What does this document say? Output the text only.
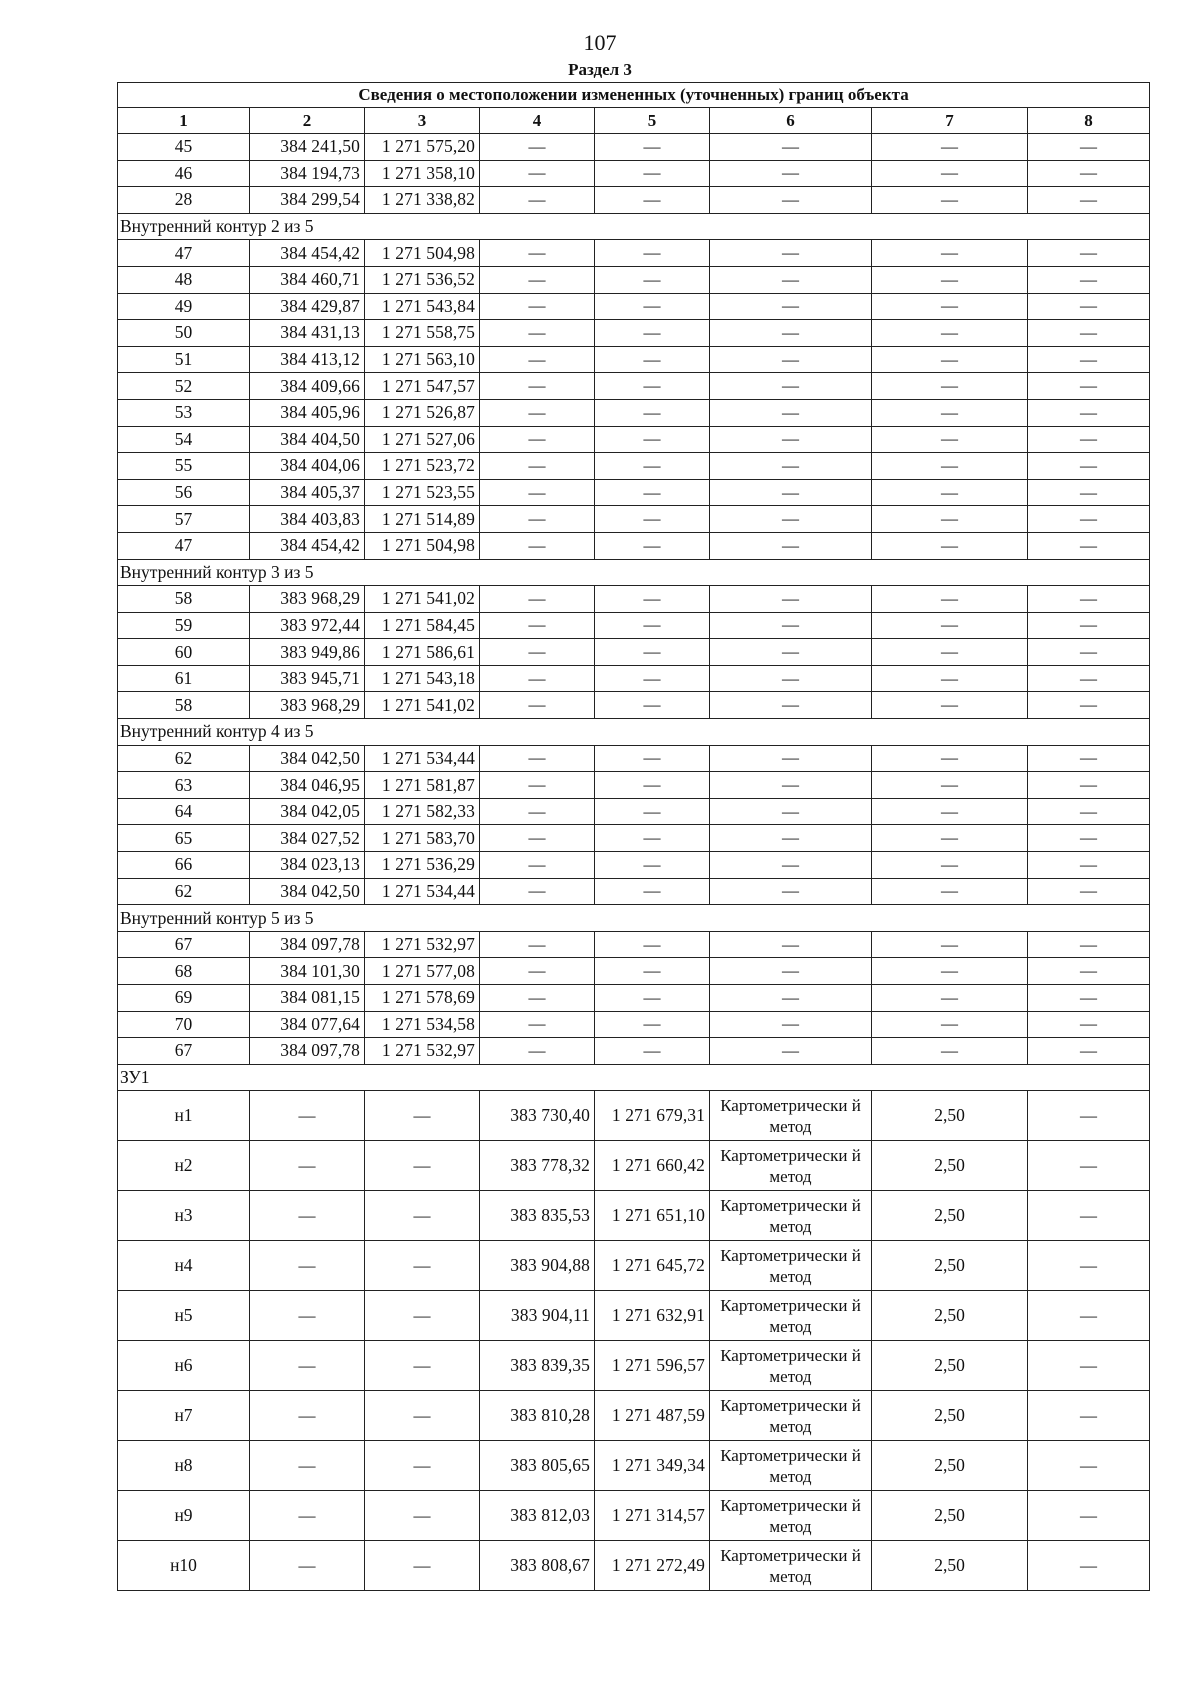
107
Раздел 3
Сведения о местоположении измененных (уточненных) границ объекта							
1	2	3	4	5	6	7	8
45	384 241,50	1 271 575,20	—	—	—	—	—
46	384 194,73	1 271 358,10	—	—	—	—	—
28	384 299,54	1 271 338,82	—	—	—	—	—
Внутренний контур 2 из 5							
47	384 454,42	1 271 504,98	—	—	—	—	—
48	384 460,71	1 271 536,52	—	—	—	—	—
49	384 429,87	1 271 543,84	—	—	—	—	—
50	384 431,13	1 271 558,75	—	—	—	—	—
51	384 413,12	1 271 563,10	—	—	—	—	—
52	384 409,66	1 271 547,57	—	—	—	—	—
53	384 405,96	1 271 526,87	—	—	—	—	—
54	384 404,50	1 271 527,06	—	—	—	—	—
55	384 404,06	1 271 523,72	—	—	—	—	—
56	384 405,37	1 271 523,55	—	—	—	—	—
57	384 403,83	1 271 514,89	—	—	—	—	—
47	384 454,42	1 271 504,98	—	—	—	—	—
Внутренний контур 3 из 5							
58	383 968,29	1 271 541,02	—	—	—	—	—
59	383 972,44	1 271 584,45	—	—	—	—	—
60	383 949,86	1 271 586,61	—	—	—	—	—
61	383 945,71	1 271 543,18	—	—	—	—	—
58	383 968,29	1 271 541,02	—	—	—	—	—
Внутренний контур 4 из 5							
62	384 042,50	1 271 534,44	—	—	—	—	—
63	384 046,95	1 271 581,87	—	—	—	—	—
64	384 042,05	1 271 582,33	—	—	—	—	—
65	384 027,52	1 271 583,70	—	—	—	—	—
66	384 023,13	1 271 536,29	—	—	—	—	—
62	384 042,50	1 271 534,44	—	—	—	—	—
Внутренний контур 5 из 5							
67	384 097,78	1 271 532,97	—	—	—	—	—
68	384 101,30	1 271 577,08	—	—	—	—	—
69	384 081,15	1 271 578,69	—	—	—	—	—
70	384 077,64	1 271 534,58	—	—	—	—	—
67	384 097,78	1 271 532,97	—	—	—	—	—
ЗУ1							
н1	—	—	383 730,40	1 271 679,31	Картометрически й метод	2,50	—
н2	—	—	383 778,32	1 271 660,42	Картометрически й метод	2,50	—
н3	—	—	383 835,53	1 271 651,10	Картометрически й метод	2,50	—
н4	—	—	383 904,88	1 271 645,72	Картометрически й метод	2,50	—
н5	—	—	383 904,11	1 271 632,91	Картометрически й метод	2,50	—
н6	—	—	383 839,35	1 271 596,57	Картометрически й метод	2,50	—
н7	—	—	383 810,28	1 271 487,59	Картометрически й метод	2,50	—
н8	—	—	383 805,65	1 271 349,34	Картометрически й метод	2,50	—
н9	—	—	383 812,03	1 271 314,57	Картометрически й метод	2,50	—
н10	—	—	383 808,67	1 271 272,49	Картометрически й метод	2,50	—
